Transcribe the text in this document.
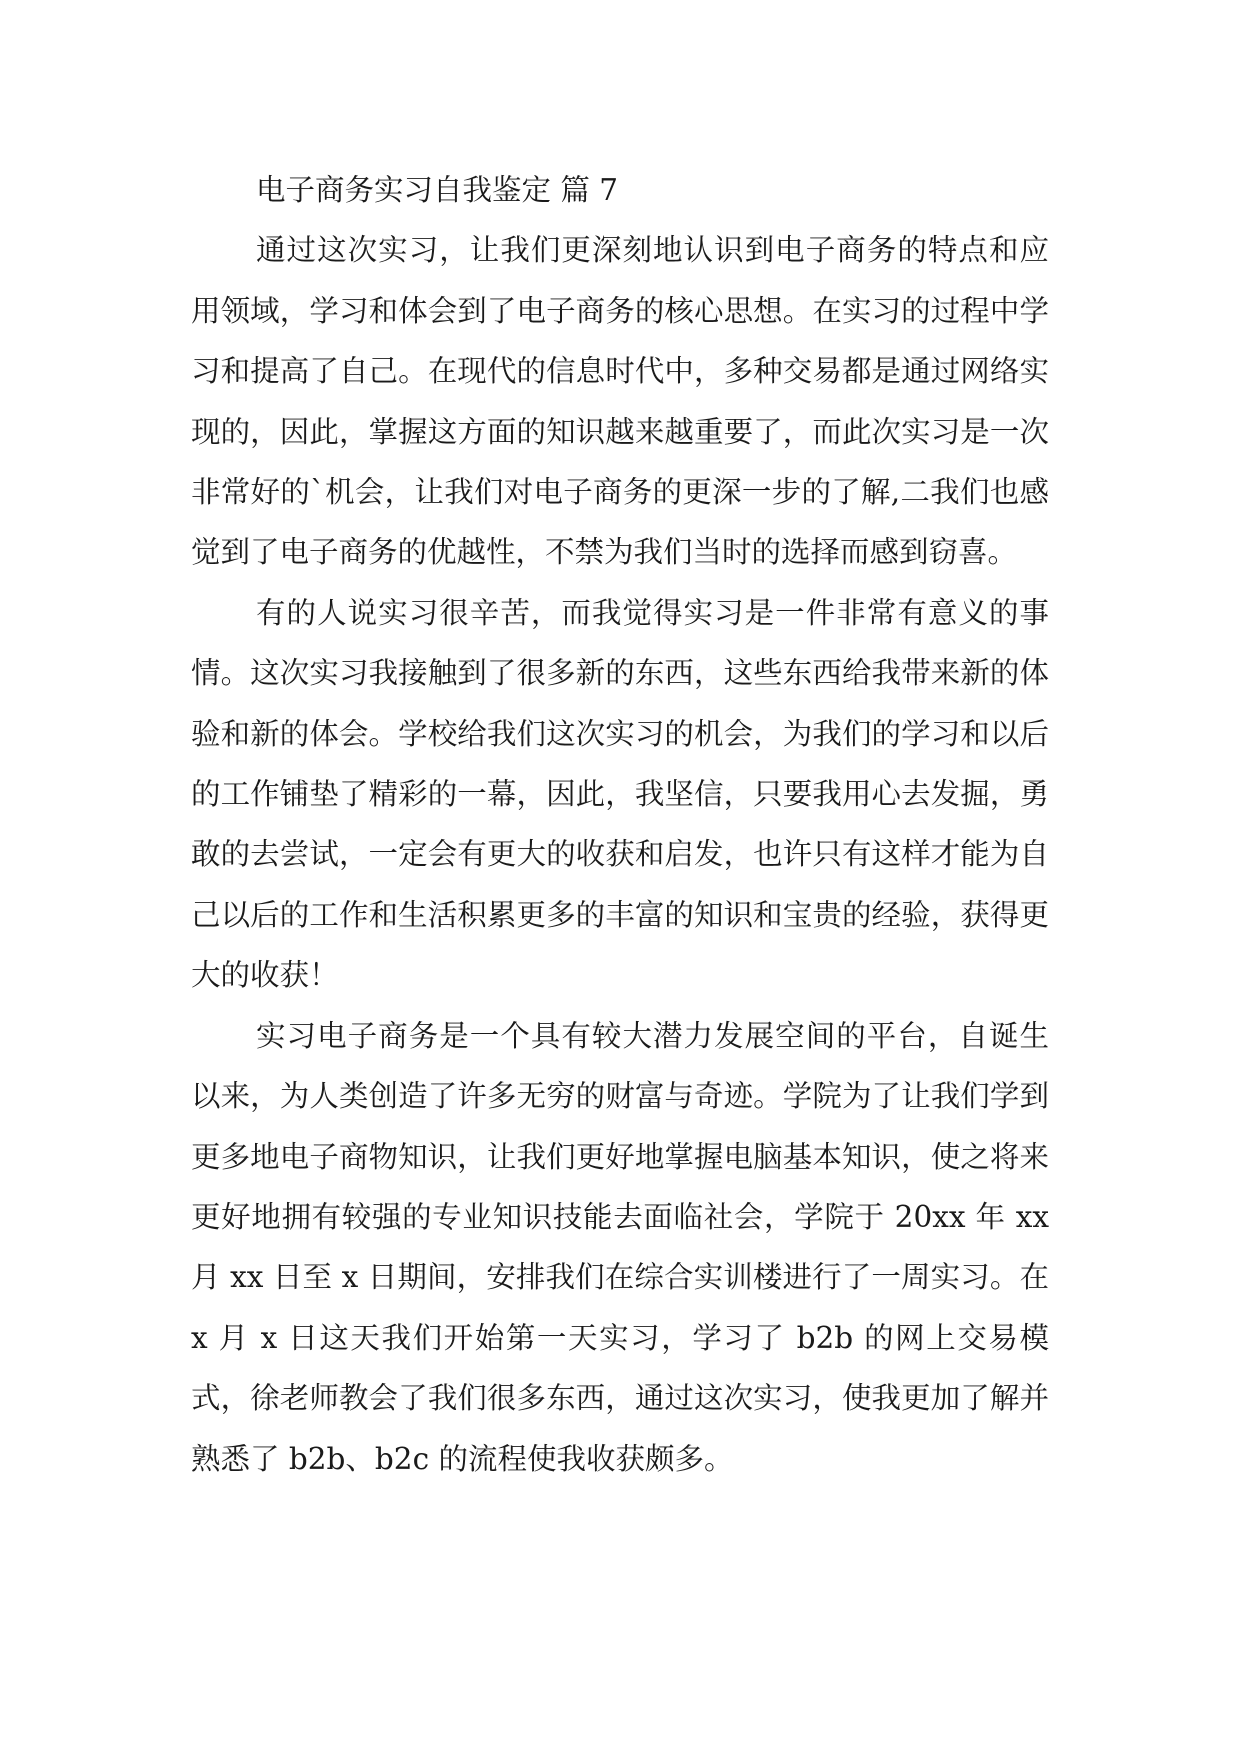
电子商务实习自我鉴定 篇 7

通过这次实习，让我们更深刻地认识到电子商务的特点和应用领域，学习和体会到了电子商务的核心思想。在实习的过程中学习和提高了自己。在现代的信息时代中，多种交易都是通过网络实现的，因此，掌握这方面的知识越来越重要了，而此次实习是一次非常好的`机会，让我们对电子商务的更深一步的了解,二我们也感觉到了电子商务的优越性，不禁为我们当时的选择而感到窃喜。

有的人说实习很辛苦，而我觉得实习是一件非常有意义的事情。这次实习我接触到了很多新的东西，这些东西给我带来新的体验和新的体会。学校给我们这次实习的机会，为我们的学习和以后的工作铺垫了精彩的一幕，因此，我坚信，只要我用心去发掘，勇敢的去尝试，一定会有更大的收获和启发，也许只有这样才能为自己以后的工作和生活积累更多的丰富的知识和宝贵的经验，获得更大的收获！

实习电子商务是一个具有较大潜力发展空间的平台，自诞生以来，为人类创造了许多无穷的财富与奇迹。学院为了让我们学到更多地电子商物知识，让我们更好地掌握电脑基本知识，使之将来更好地拥有较强的专业知识技能去面临社会，学院于 20xx 年 xx 月 xx 日至 x 日期间，安排我们在综合实训楼进行了一周实习。在 x 月 x 日这天我们开始第一天实习，学习了 b2b 的网上交易模式，徐老师教会了我们很多东西，通过这次实习，使我更加了解并熟悉了 b2b、b2c 的流程使我收获颇多。
